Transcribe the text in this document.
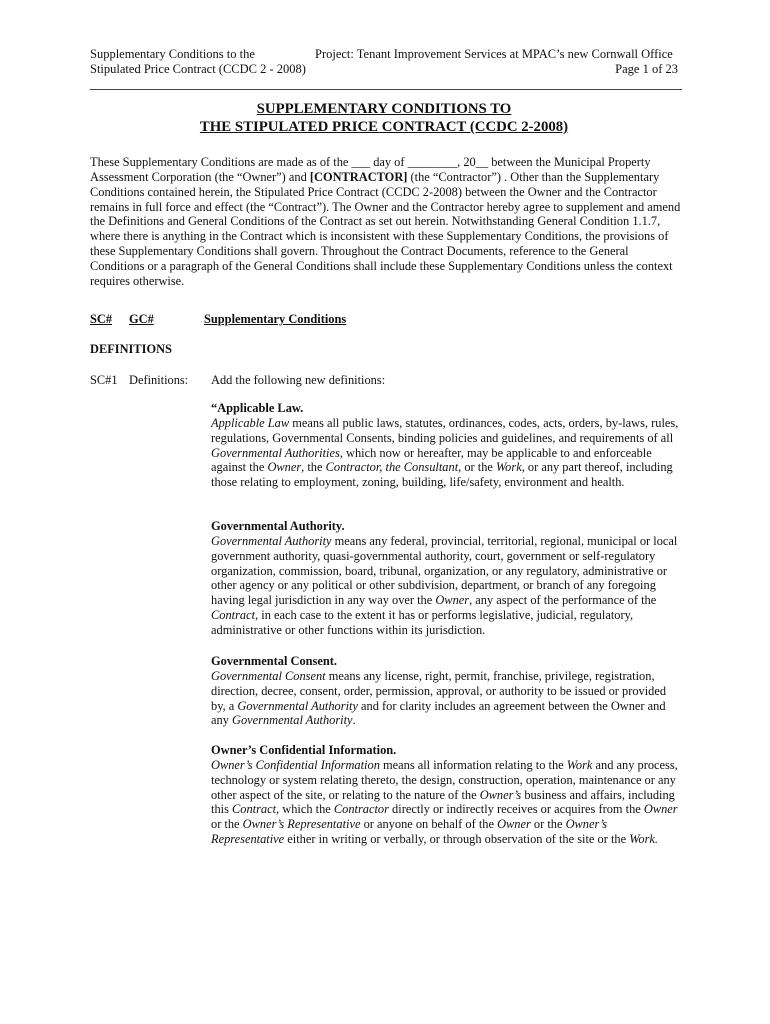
Supplementary Conditions to the	Project: Tenant Improvement Services at MPAC’s new Cornwall Office
Stipulated Price Contract (CCDC 2 - 2008)	Page 1 of 23
SUPPLEMENTARY CONDITIONS TO
THE STIPULATED PRICE CONTRACT (CCDC 2-2008)
These Supplementary Conditions are made as of the ___ day of ________, 20__ between the Municipal Property Assessment Corporation (the “Owner”) and [CONTRACTOR] (the “Contractor”) . Other than the Supplementary Conditions contained herein, the Stipulated Price Contract (CCDC 2-2008) between the Owner and the Contractor remains in full force and effect (the “Contract”). The Owner and the Contractor hereby agree to supplement and amend the Definitions and General Conditions of the Contract as set out herein. Notwithstanding General Condition 1.1.7, where there is anything in the Contract which is inconsistent with these Supplementary Conditions, the provisions of these Supplementary Conditions shall govern. Throughout the Contract Documents, reference to the General Conditions or a paragraph of the General Conditions shall include these Supplementary Conditions unless the context requires otherwise.
SC# GC#	Supplementary Conditions
DEFINITIONS
SC#1 Definitions: Add the following new definitions:

“Applicable Law.

Applicable Law means all public laws, statutes, ordinances, codes, acts, orders, by-laws, rules, regulations, Governmental Consents, binding policies and guidelines, and requirements of all Governmental Authorities, which now or hereafter, may be applicable to and enforceable against the Owner, the Contractor, the Consultant, or the Work, or any part thereof, including those relating to employment, zoning, building, life/safety, environment and health.

Governmental Authority.

Governmental Authority means any federal, provincial, territorial, regional, municipal or local government authority, quasi-governmental authority, court, government or self-regulatory organization, commission, board, tribunal, organization, or any regulatory, administrative or other agency or any political or other subdivision, department, or branch of any foregoing having legal jurisdiction in any way over the Owner, any aspect of the performance of the Contract, in each case to the extent it has or performs legislative, judicial, regulatory, administrative or other functions within its jurisdiction.

Governmental Consent.

Governmental Consent means any license, right, permit, franchise, privilege, registration, direction, decree, consent, order, permission, approval, or authority to be issued or provided by, a Governmental Authority and for clarity includes an agreement between the Owner and any Governmental Authority.

Owner’s Confidential Information.

Owner’s Confidential Information means all information relating to the Work and any process, technology or system relating thereto, the design, construction, operation, maintenance or any other aspect of the site, or relating to the nature of the Owner’s business and affairs, including this Contract, which the Contractor directly or indirectly receives or acquires from the Owner or the Owner’s Representative or anyone on behalf of the Owner or the Owner’s Representative either in writing or verbally, or through observation of the site or the Work.
